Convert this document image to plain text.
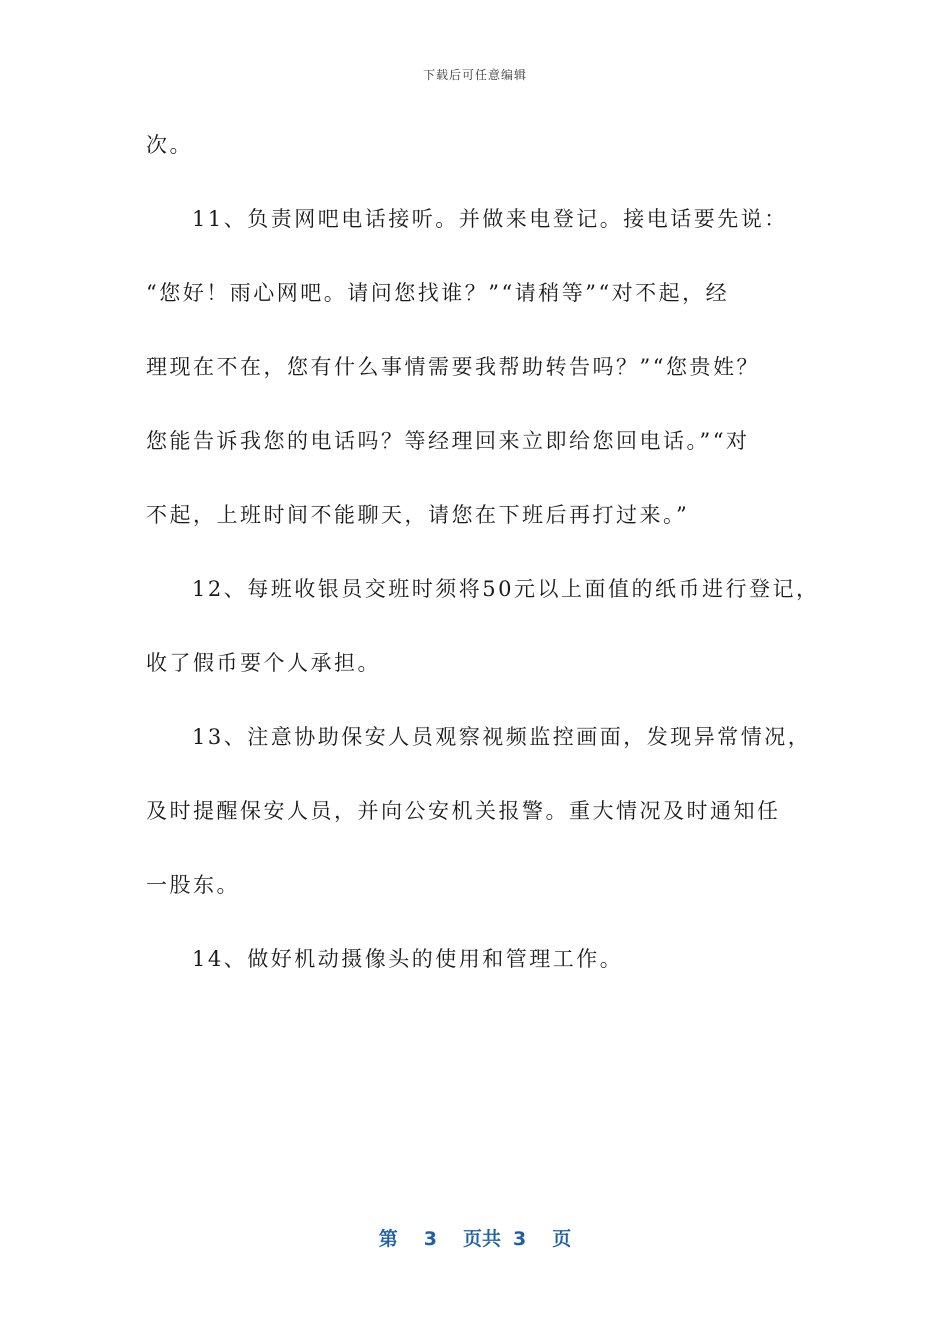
下载后可任意编辑
次。
11、负责网吧电话接听。并做来电登记。接电话要先说：
“您好！雨心网吧。请问您找谁？”“请稍等”“对不起，经
理现在不在，您有什么事情需要我帮助转告吗？”“您贵姓？
您能告诉我您的电话吗？等经理回来立即给您回电话。”“对
不起，上班时间不能聊天，请您在下班后再打过来。”
12、每班收银员交班时须将50元以上面值的纸币进行登记，
收了假币要个人承担。
13、注意协助保安人员观察视频监控画面，发现异常情况，
及时提醒保安人员，并向公安机关报警。重大情况及时通知任
一股东。
14、做好机动摄像头的使用和管理工作。
第 3 页共 3 页
